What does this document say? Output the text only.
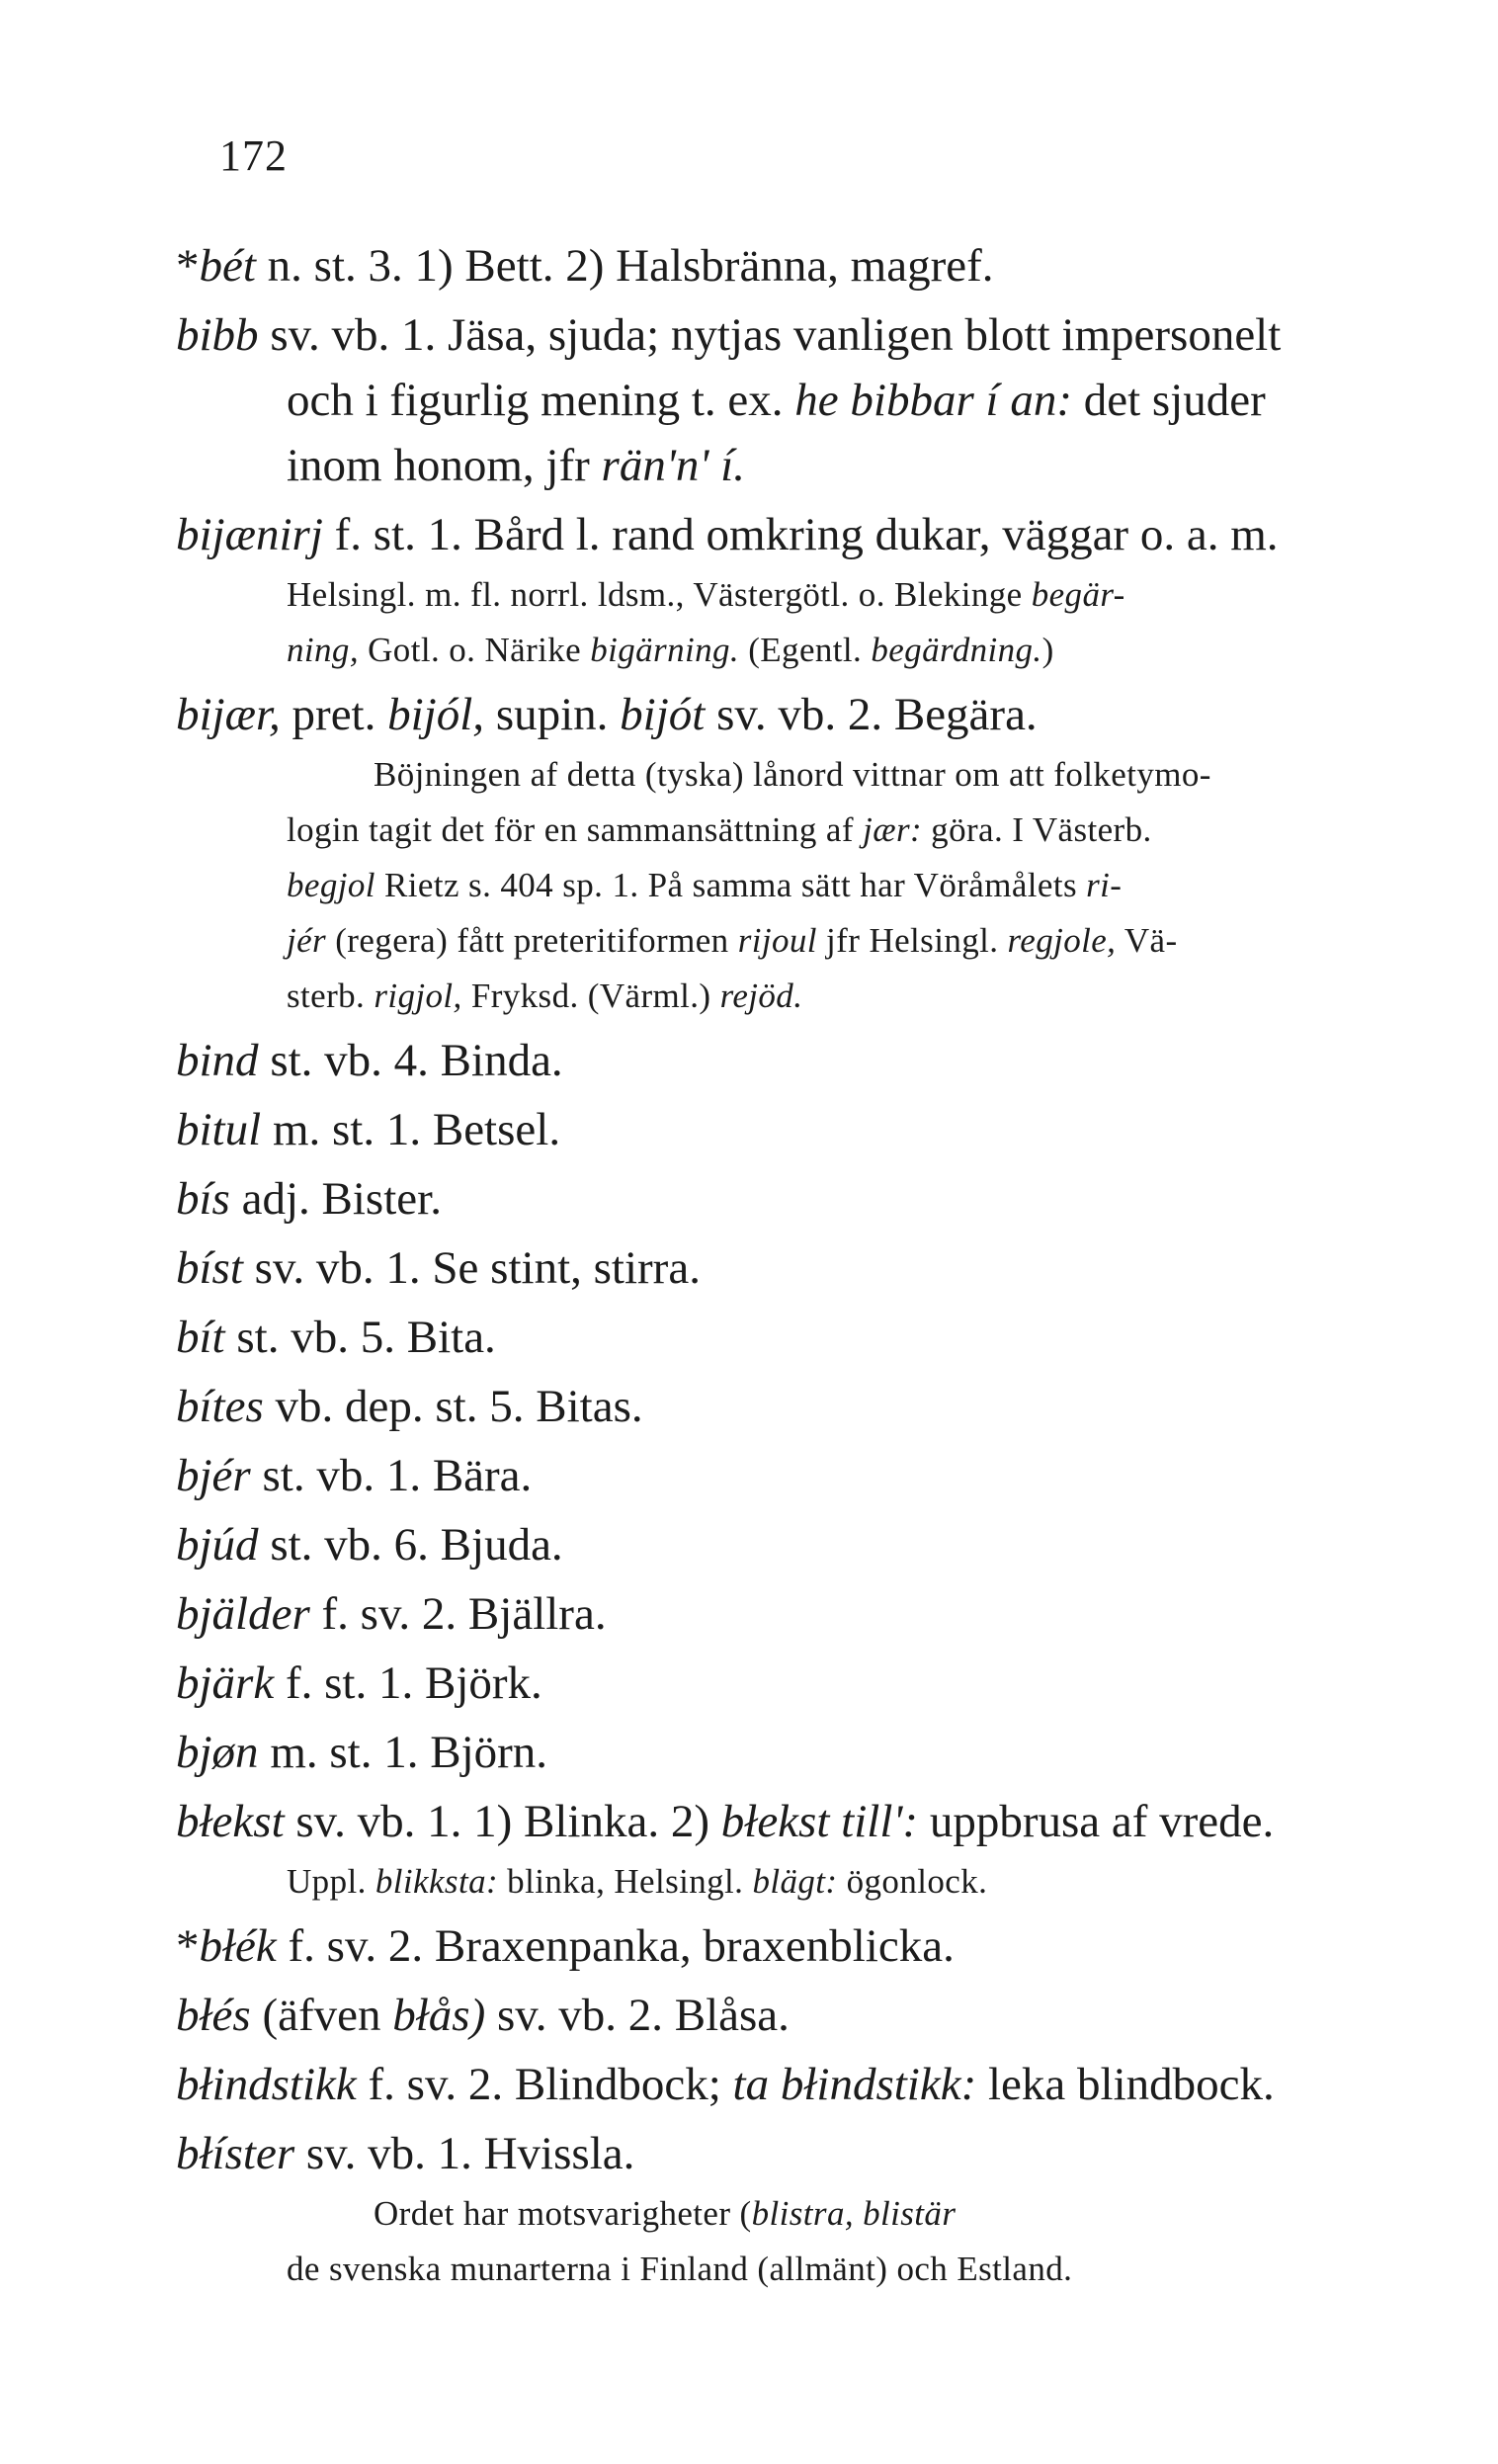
172
*bét n. st. 3. 1) Bett. 2) Halsbränna, magref.
bibb sv. vb. 1. Jäsa, sjuda; nytjas vanligen blott impersonelt
och i figurlig mening t. ex. he bibbar í an: det sjuder
inom honom, jfr rän'n' í.
bijænirj f. st. 1. Bård l. rand omkring dukar, väggar o. a. m.
Helsingl. m. fl. norrl. ldsm., Västergötl. o. Blekinge begär-
ning, Gotl. o. Närike bigärning. (Egentl. begärdning.)
bijær, pret. bijól, supin. bijót sv. vb. 2. Begära.
Böjningen af detta (tyska) lånord vittnar om att folketymo-
login tagit det för en sammansättning af jær: göra. I Västerb.
begjol Rietz s. 404 sp. 1. På samma sätt har Vöråmålets ri-
jér (regera) fått preteritiformen rijoul jfr Helsingl. regjole, Vä-
sterb. rigjol, Fryksd. (Värml.) rejöd.
bind st. vb. 4. Binda.
bitul m. st. 1. Betsel.
bís adj. Bister.
bíst sv. vb. 1. Se stint, stirra.
bít st. vb. 5. Bita.
bítes vb. dep. st. 5. Bitas.
bjér st. vb. 1. Bära.
bjúd st. vb. 6. Bjuda.
bjälder f. sv. 2. Bjällra.
bjärk f. st. 1. Björk.
bjøn m. st. 1. Björn.
błekst sv. vb. 1. 1) Blinka. 2) błekst till': uppbrusa af vrede.
Uppl. blikksta: blinka, Helsingl. blägt: ögonlock.
*błék f. sv. 2. Braxenpanka, braxenblicka.
błés (äfven błås) sv. vb. 2. Blåsa.
błindstikk f. sv. 2. Blindbock; ta błindstikk: leka blindbock.
błíster sv. vb. 1. Hvissla.
Ordet har motsvarigheter (blistra, blistär
de svenska munarterna i Finland (allmänt) och Estland.
